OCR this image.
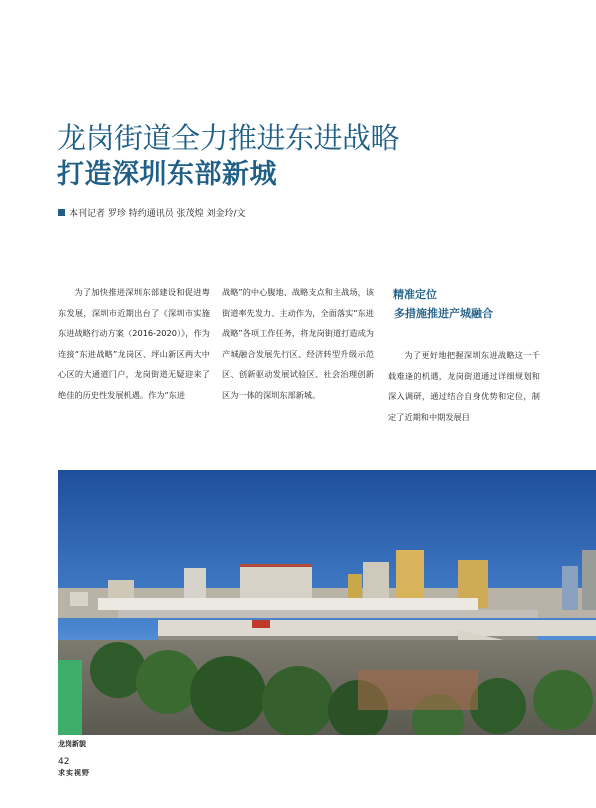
龙岗街道全力推进东进战略
打造深圳东部新城
本刊记者 罗珍 特约通讯员 张茂煌 刘金玲/文

为了加快推进深圳东部建设和促进粤东发展，深圳市近期出台了《深圳市实施东进战略行动方案（2016-2020）》，作为连接“东进战略”龙岗区、坪山新区两大中心区的大通道门户，龙岗街道无疑迎来了绝佳的历史性发展机遇。作为“东进

战略”的中心腹地、战略支点和主战场，该街道率先发力、主动作为，全面落实“东进战略”各项工作任务，将龙岗街道打造成为产城融合发展先行区、经济转型升级示范区、创新驱动发展试验区、社会治理创新区为一体的深圳东部新城。

精准定位
多措施推进产城融合

为了更好地把握深圳东进战略这一千载难逢的机遇，龙岗街道通过详细规划和深入调研，通过结合自身优势和定位，制定了近期和中期发展目

龙岗新貌
42
求实视野
